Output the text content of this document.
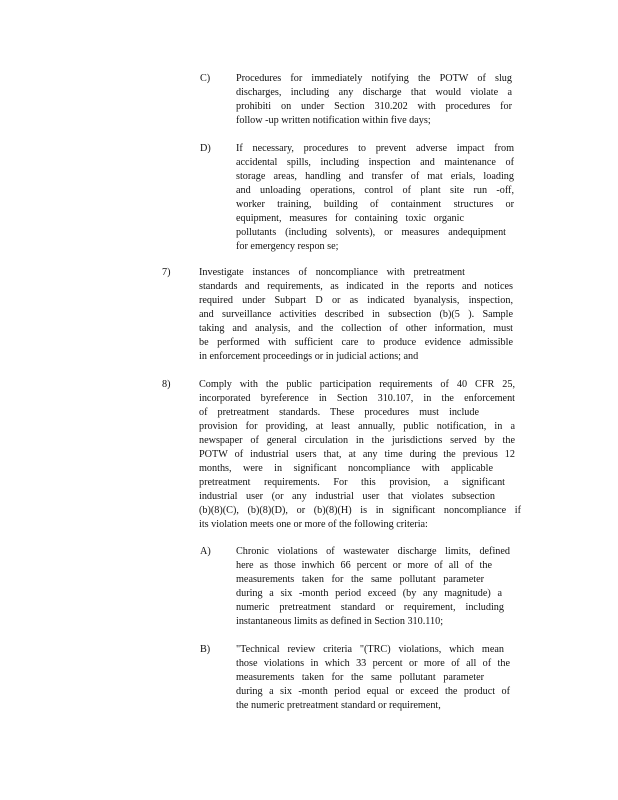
C)	Procedures for immediately notifying the POTW of slug
discharges, including any discharge that would violate a
prohibiti on under Section 310.202 with procedures for
follow -up written notification within five days;
D) If necessary, procedures to prevent adverse impact from
accidental spills, including inspection and maintenance of
storage areas, handling and transfer of mat erials, loading
and unloading operations, control of plant site run -off,
worker training, building of containment structures or
equipment, measures for containing toxic organic
pollutants (including solvents), or measures andequipment
for emergency respon se;
7)	Investigate instances of noncompliance with pretreatment
standards and requirements, as indicated in the reports and notices
required under Subpart D or as indicated byanalysis, inspection,
and surveillance activities described in subsection (b)(5 ). Sample
taking and analysis, and the collection of other information, must
be performed with sufficient care to produce evidence admissible
in enforcement proceedings or in judicial actions; and
8)	Comply with the public participation requirements of 40 CFR 25,
incorporated byreference in Section 310.107, in the enforcement
of pretreatment standards. These procedures must include
provision for providing, at least annually, public notification, in a
newspaper of general circulation in the jurisdictions served by the
POTW of industrial users that, at any time during the previous 12
months, were in significant noncompliance with applicable
pretreatment requirements. For this provision, a significant
industrial user (or any industrial user that violates subsection
(b)(8)(C), (b)(8)(D), or (b)(8)(H) is in significant noncompliance if
its violation meets one or more of the following criteria:
A) Chronic violations of wastewater discharge limits, defined
here as those inwhich 66 percent or more of all of the
measurements taken for the same pollutant parameter
during a six -month period exceed (by any magnitude) a
numeric pretreatment standard or requirement, including
instantaneous limits as defined in Section 310.110;
B)	"Technical review criteria "(TRC) violations, which mean
those violations in which 33 percent or more of all of the
measurements taken for the same pollutant parameter
during a six -month period equal or exceed the product of
the numeric pretreatment standard or requirement,
